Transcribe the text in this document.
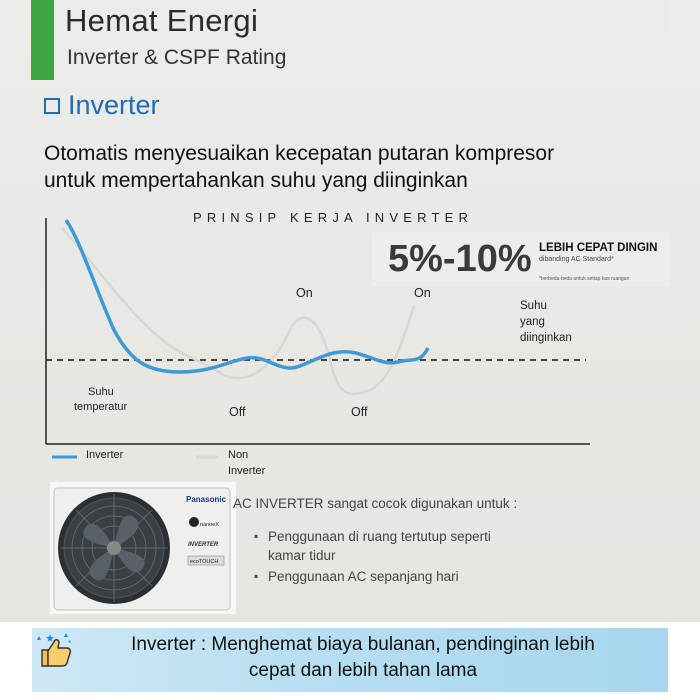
Hemat Energi
Inverter & CSPF Rating
Inverter
Otomatis menyesuaikan kecepatan putaran kompresor
untuk mempertahankan suhu yang diinginkan
PRINSIP KERJA INVERTER
5%-10% LEBIH CEPAT DINGIN
dibanding AC Standard*
*berbeda-beda untuk setiap kas ruangan
On	On
Off	Off
Suhu
yang
diinginkan
Suhu
temperatur
Inverter	Non
Inverter
Panasonic
nanoeX
INVERTER
ecoTOUCH
AC INVERTER sangat cocok digunakan untuk :
▪ Penggunaan di ruang tertutup seperti
kamar tidur
▪ Penggunaan AC sepanjang hari
Inverter : Menghemat biaya bulanan, pendinginan lebih
cepat dan lebih tahan lama
